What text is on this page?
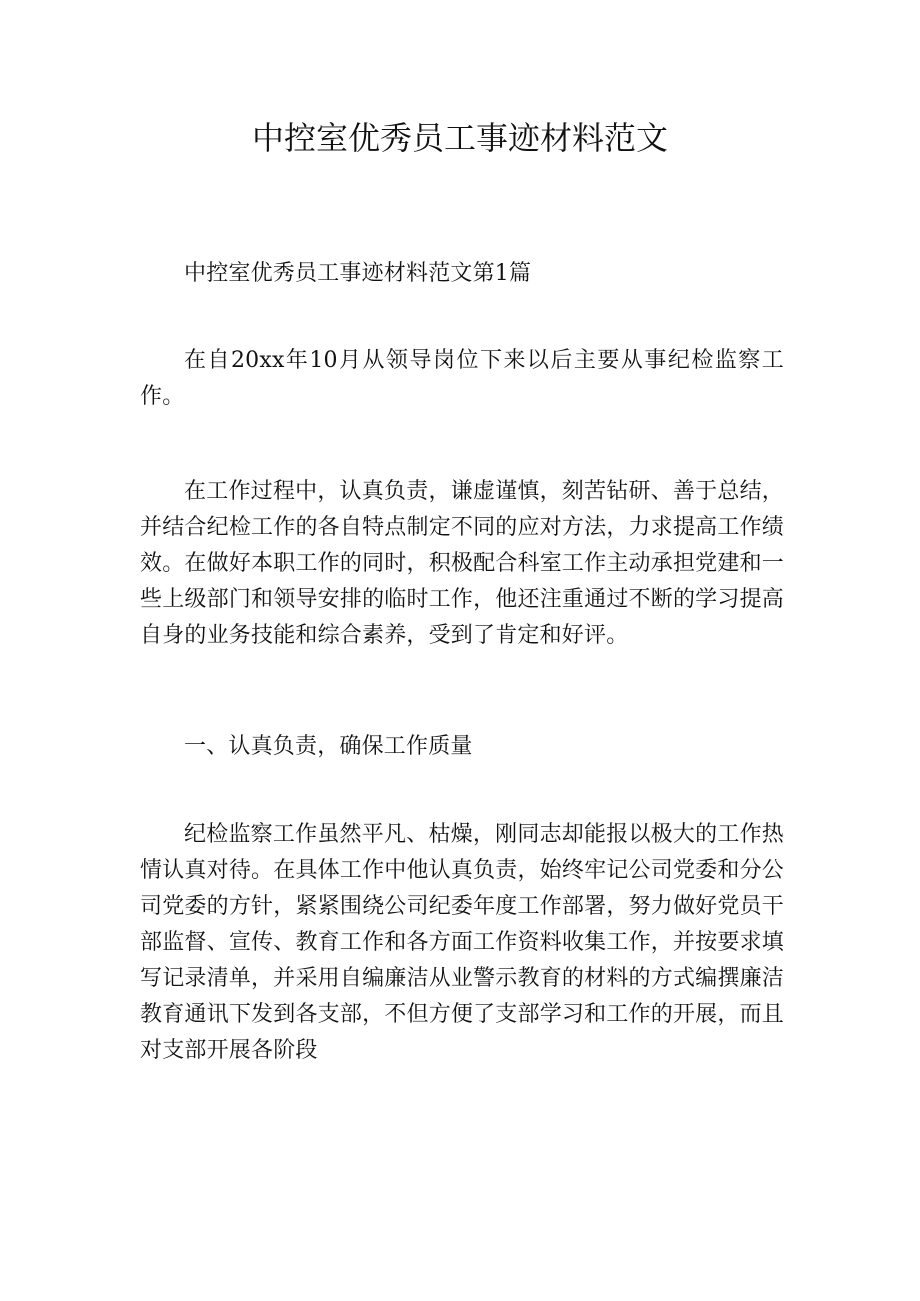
中控室优秀员工事迹材料范文

中控室优秀员工事迹材料范文第1篇

在自20xx年10月从领导岗位下来以后主要从事纪检监察工作。

在工作过程中，认真负责，谦虚谨慎，刻苦钻研、善于总结，并结合纪检工作的各自特点制定不同的应对方法，力求提高工作绩效。在做好本职工作的同时，积极配合科室工作主动承担党建和一些上级部门和领导安排的临时工作，他还注重通过不断的学习提高自身的业务技能和综合素养，受到了肯定和好评。

一、认真负责，确保工作质量

纪检监察工作虽然平凡、枯燥，刚同志却能报以极大的工作热情认真对待。在具体工作中他认真负责，始终牢记公司党委和分公司党委的方针，紧紧围绕公司纪委年度工作部署，努力做好党员干部监督、宣传、教育工作和各方面工作资料收集工作，并按要求填写记录清单，并采用自编廉洁从业警示教育的材料的方式编撰廉洁教育通讯下发到各支部，不但方便了支部学习和工作的开展，而且对支部开展各阶段
